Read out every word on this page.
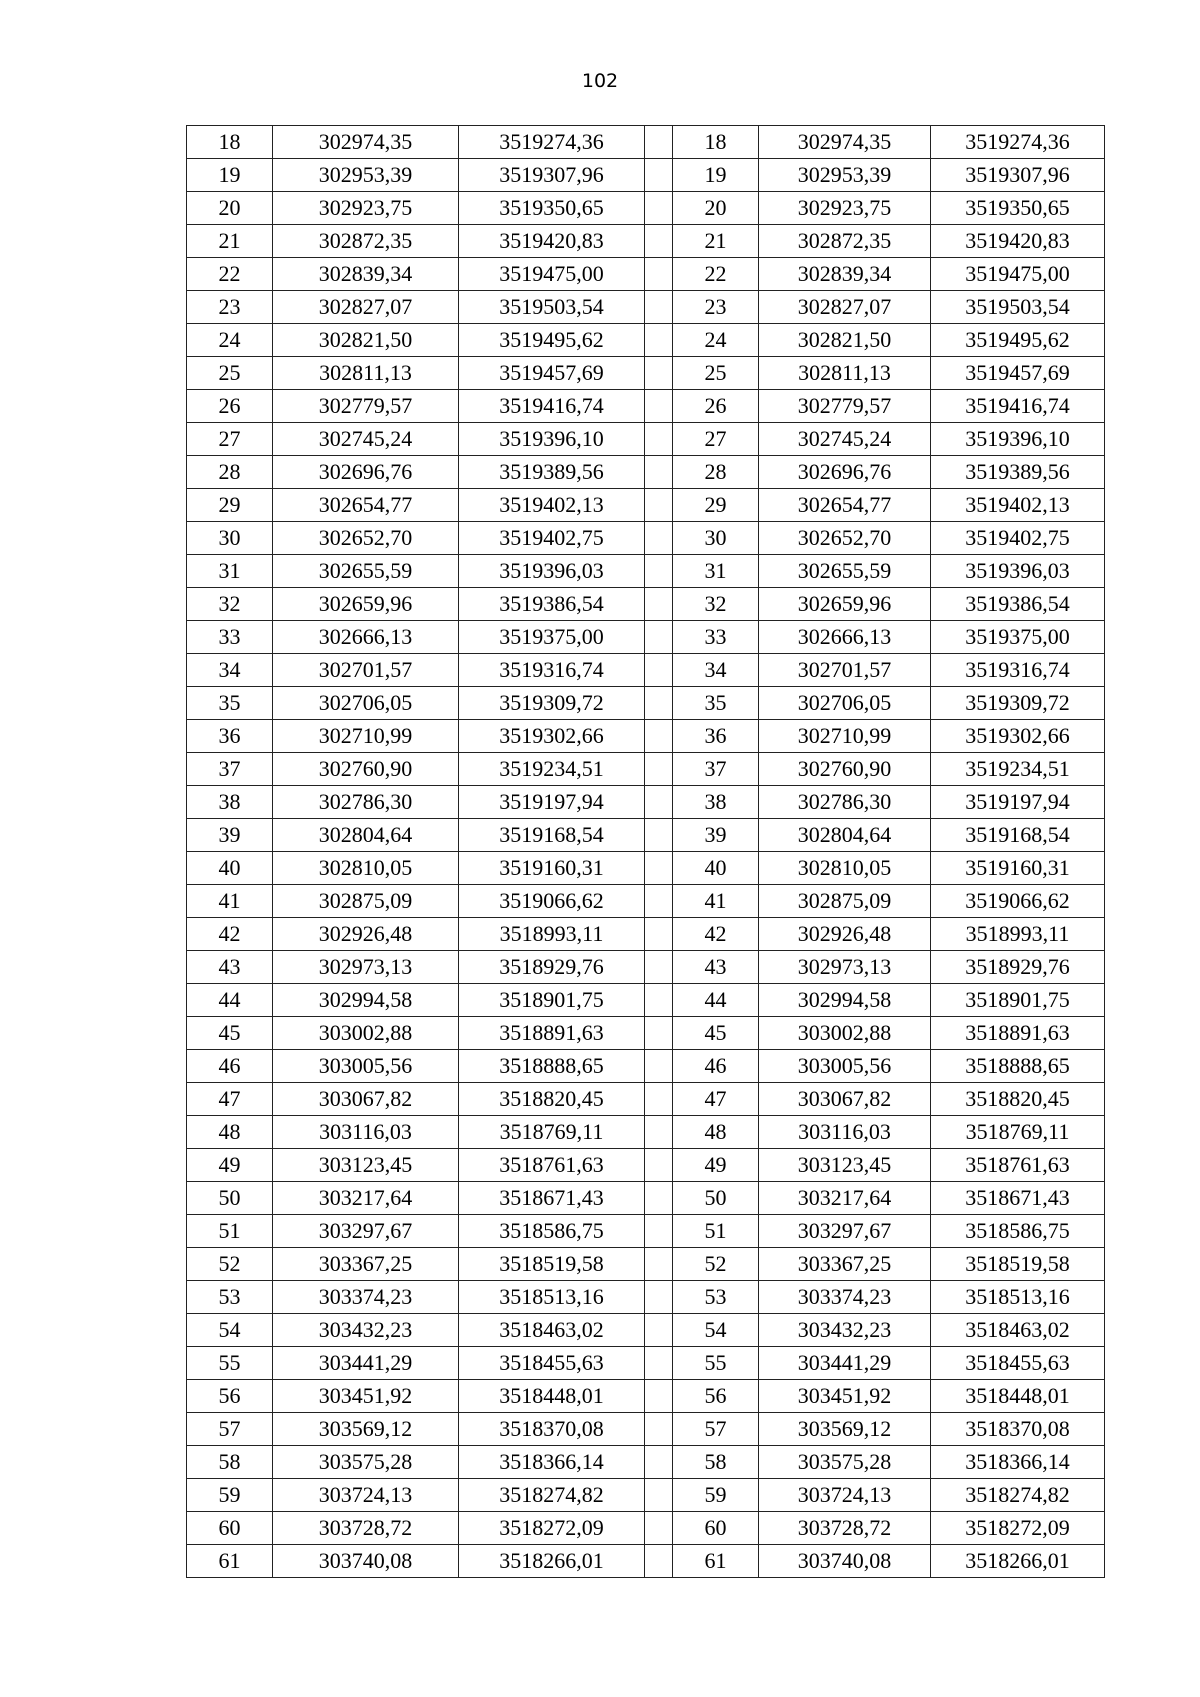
102
18	302974,35	3519274,36		18	302974,35	3519274,36
19	302953,39	3519307,96		19	302953,39	3519307,96
20	302923,75	3519350,65		20	302923,75	3519350,65
21	302872,35	3519420,83		21	302872,35	3519420,83
22	302839,34	3519475,00		22	302839,34	3519475,00
23	302827,07	3519503,54		23	302827,07	3519503,54
24	302821,50	3519495,62		24	302821,50	3519495,62
25	302811,13	3519457,69		25	302811,13	3519457,69
26	302779,57	3519416,74		26	302779,57	3519416,74
27	302745,24	3519396,10		27	302745,24	3519396,10
28	302696,76	3519389,56		28	302696,76	3519389,56
29	302654,77	3519402,13		29	302654,77	3519402,13
30	302652,70	3519402,75		30	302652,70	3519402,75
31	302655,59	3519396,03		31	302655,59	3519396,03
32	302659,96	3519386,54		32	302659,96	3519386,54
33	302666,13	3519375,00		33	302666,13	3519375,00
34	302701,57	3519316,74		34	302701,57	3519316,74
35	302706,05	3519309,72		35	302706,05	3519309,72
36	302710,99	3519302,66		36	302710,99	3519302,66
37	302760,90	3519234,51		37	302760,90	3519234,51
38	302786,30	3519197,94		38	302786,30	3519197,94
39	302804,64	3519168,54		39	302804,64	3519168,54
40	302810,05	3519160,31		40	302810,05	3519160,31
41	302875,09	3519066,62		41	302875,09	3519066,62
42	302926,48	3518993,11		42	302926,48	3518993,11
43	302973,13	3518929,76		43	302973,13	3518929,76
44	302994,58	3518901,75		44	302994,58	3518901,75
45	303002,88	3518891,63		45	303002,88	3518891,63
46	303005,56	3518888,65		46	303005,56	3518888,65
47	303067,82	3518820,45		47	303067,82	3518820,45
48	303116,03	3518769,11		48	303116,03	3518769,11
49	303123,45	3518761,63		49	303123,45	3518761,63
50	303217,64	3518671,43		50	303217,64	3518671,43
51	303297,67	3518586,75		51	303297,67	3518586,75
52	303367,25	3518519,58		52	303367,25	3518519,58
53	303374,23	3518513,16		53	303374,23	3518513,16
54	303432,23	3518463,02		54	303432,23	3518463,02
55	303441,29	3518455,63		55	303441,29	3518455,63
56	303451,92	3518448,01		56	303451,92	3518448,01
57	303569,12	3518370,08		57	303569,12	3518370,08
58	303575,28	3518366,14		58	303575,28	3518366,14
59	303724,13	3518274,82		59	303724,13	3518274,82
60	303728,72	3518272,09		60	303728,72	3518272,09
61	303740,08	3518266,01		61	303740,08	3518266,01
